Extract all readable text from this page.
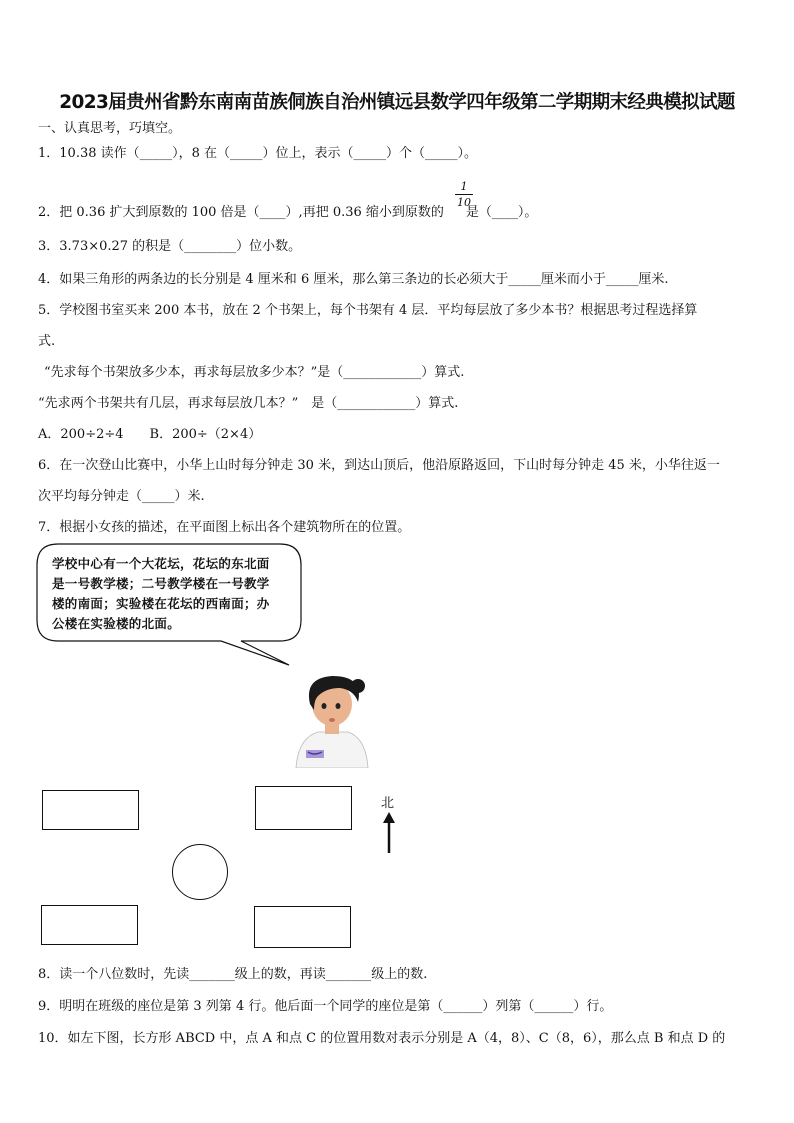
2023届贵州省黔东南南苗族侗族自治州镇远县数学四年级第二学期期末经典模拟试题
一、认真思考，巧填空。
1．10.38 读作（_____），8 在（_____）位上，表示（_____）个（_____）。
2．把 0.36 扩大到原数的 100 倍是（____）,再把 0.36 缩小到原数的 是（____）。
1
10
3．3.73×0.27 的积是（________）位小数。
4．如果三角形的两条边的长分别是 4 厘米和 6 厘米，那么第三条边的长必须大于_____厘米而小于_____厘米.
5．学校图书室买来 200 本书，放在 2 个书架上，每个书架有 4 层．平均每层放了多少本书？根据思考过程选择算
式.
“先求每个书架放多少本，再求每层放多少本？”是（____________）算式.
“先求两个书架共有几层，再求每层放几本？”　是（____________）算式.
A．200÷2÷4　　B．200÷（2×4）
6．在一次登山比赛中，小华上山时每分钟走 30 米，到达山顶后，他沿原路返回，下山时每分钟走 45 米，小华往返一
次平均每分钟走（_____）米.
7．根据小女孩的描述，在平面图上标出各个建筑物所在的位置。
学校中心有一个大花坛，花坛的东北面
是一号教学楼；二号教学楼在一号教学
楼的南面；实验楼在花坛的西南面；办
公楼在实验楼的北面。
北
8．读一个八位数时，先读_______级上的数，再读_______级上的数.
9．明明在班级的座位是第 3 列第 4 行。他后面一个同学的座位是第（______）列第（______）行。
10．如左下图，长方形 ABCD 中，点 A 和点 C 的位置用数对表示分别是 A（4，8）、C（8，6），那么点 B 和点 D 的
